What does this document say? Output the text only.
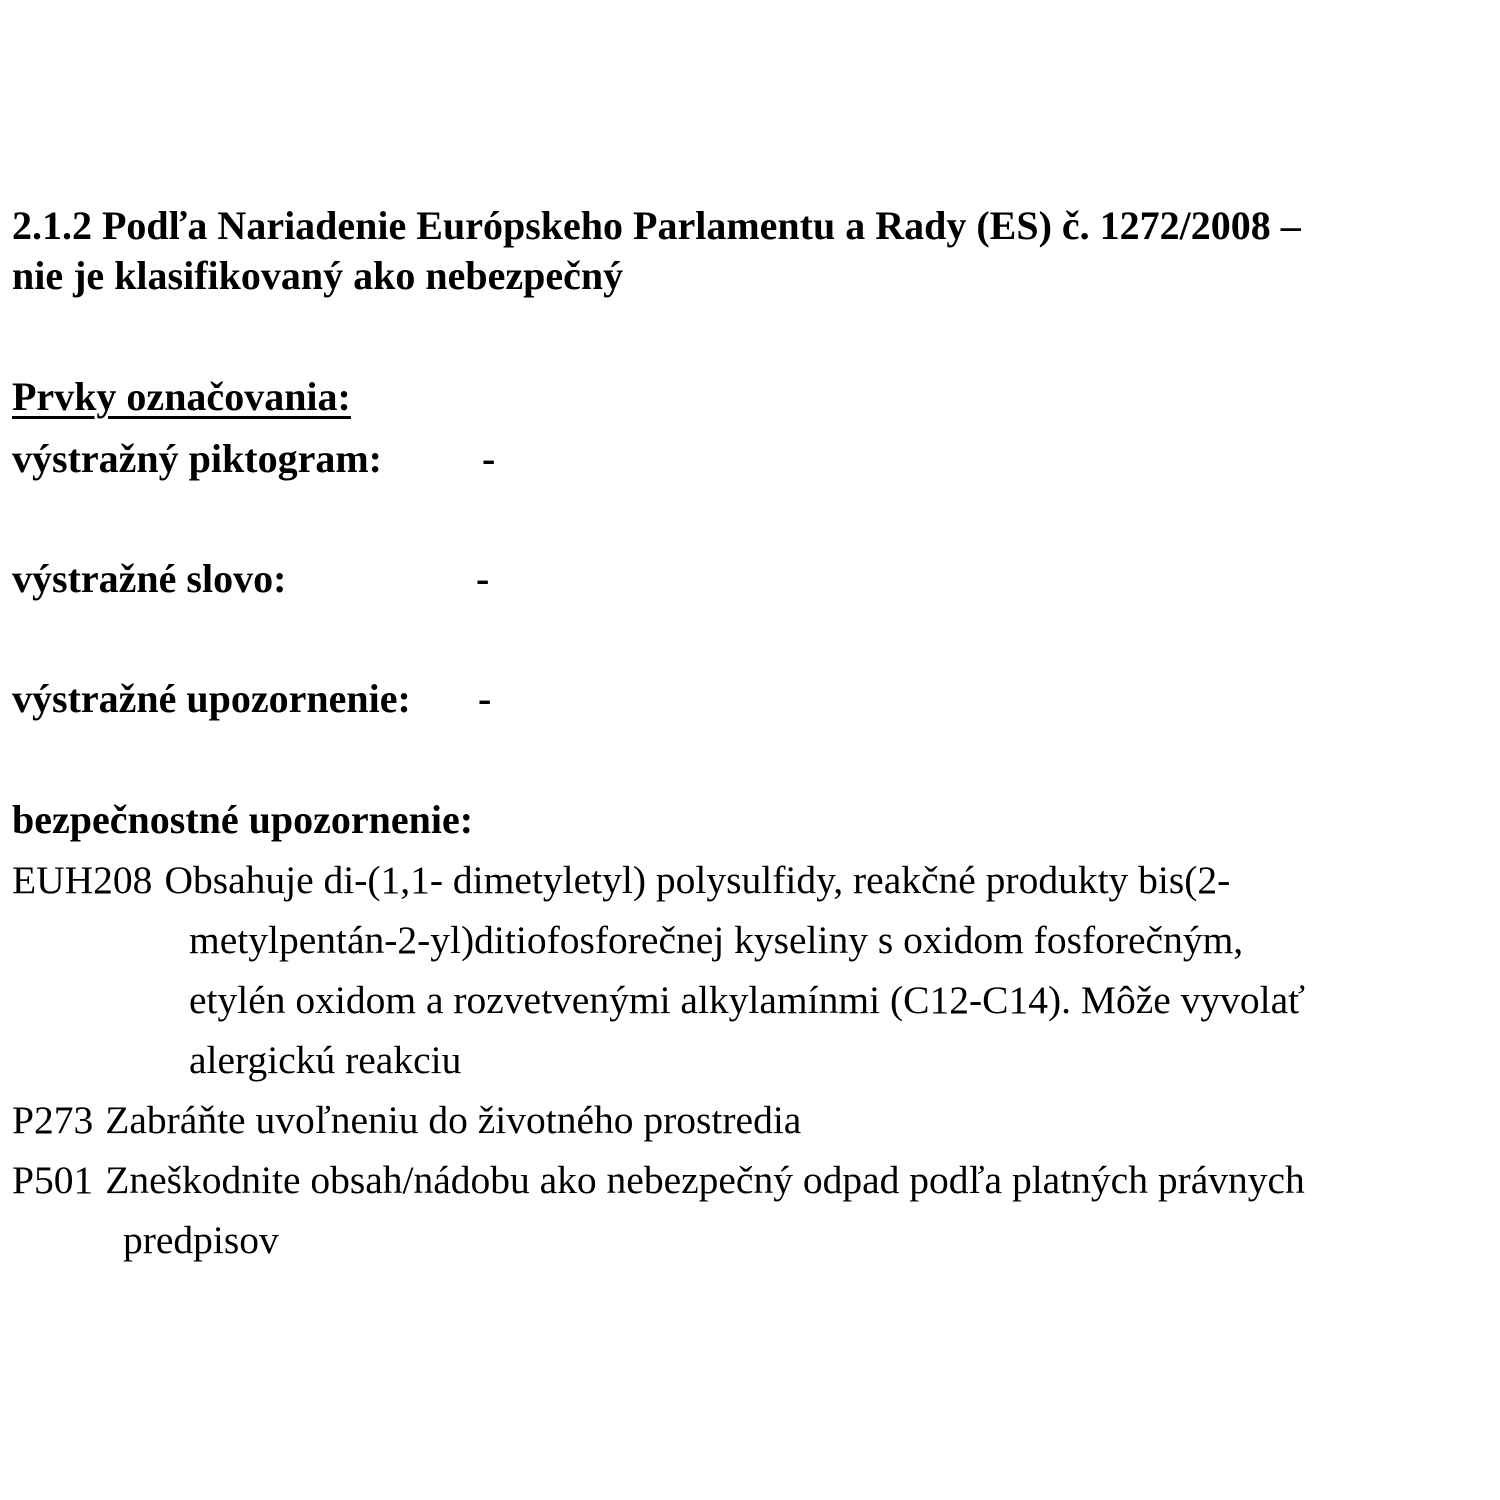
2.1.2 Podľa Nariadenie Európskeho Parlamentu a Rady (ES) č. 1272/2008 –
nie je klasifikovaný ako nebezpečný
Prvky označovania:
výstražný piktogram:	-
výstražné slovo:	-
výstražné upozornenie: -
bezpečnostné upozornenie:
EUH208 Obsahuje di-(1,1- dimetyletyl) polysulfidy, reakčné produkty bis(2-
metylpentán-2-yl)ditiofosforečnej kyseliny s oxidom fosforečným,
etylén oxidom a rozvetvenými alkylamínmi (C12-C14). Môže vyvolať
alergickú reakciu
P273 Zabráňte uvoľneniu do životného prostredia
P501 Zneškodnite obsah/nádobu ako nebezpečný odpad podľa platných právnych
predpisov
